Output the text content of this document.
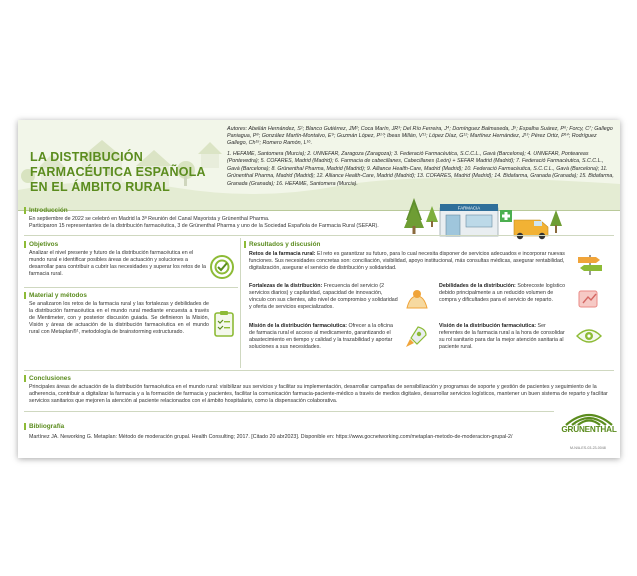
LA DISTRIBUCIÓN FARMACÉUTICA ESPAÑOLA EN EL ÁMBITO RURAL
Autores: Abelián Hernández, S¹; Blanco Gutiérrez, JM²; Coca Marín, JR³; Del Río Ferreira, J⁴; Domínguez Balmaseda, J⁵; Espalha Suárez, P⁶; Forcy, C⁷; Gallego Paniagua, P⁸; González Martín-Montalvo, E⁹; Guzmán López, P¹⁰; Ibeas Millán, V¹¹; López Díaz, G¹²; Martínez Hernández, J¹³; Pérez Ortiz, P¹⁴; Rodríguez Gallego, Ch¹⁵; Romero Ramón, L¹⁶.
1. HEFAME, Santomera (Murcia); 2. UNNEFAR, Zaragoza (Zaragoza); 3. Federació Farmacèutica, S.C.C.L., Gavà (Barcelona); 4. UNNEFAR, Ponteareas (Pontevedra); 5. COFARES, Madrid (Madrid); 6. Farmacia de cabecillanes, Cabecillanes (León) + SEFAR Madrid (Madrid); 7. Federació Farmacèutica, S.C.C.L., Gavà (Barcelona); 8. Grünenthal Pharma, Madrid (Madrid); 9. Alliance Health-Care, Madrid (Madrid); 10. Federació Farmacèutica, S.C.C.L., Gavà (Barcelona); 11. Grünenthal Pharma, Madrid (Madrid); 12. Alliance Health-Care, Madrid (Madrid); 13. COFARES, Madrid (Madrid); 14. Bidafarma, Granada (Granada); 15. Bidafarma, Granada (Granada); 16. HEFAME, Santomera (Murcia).
FARMACIA
Introducción
En septiembre de 2022 se celebró en Madrid la 3ª Reunión del Canal Mayorista y Grünenthal Pharma.
Participaron 15 representantes de la distribución farmacéutica, 3 de Grünenthal Pharma y uno de la Sociedad Española de Farmacia Rural (SEFAR).
Objetivos
Analizar el nivel presente y futuro de la distribución farmacéutica en el mundo rural e identificar posibles áreas de actuación y soluciones a desarrollar para contribuir a cubrir las necesidades y superar los retos de la farmacia rural.
Material y métodos
Se analizaron los retos de la farmacia rural y las fortalezas y debilidades de la distribución farmacéutica en el mundo rural mediante encuesta a través de Mentimeter, con y posterior discusión guiada. Se definieron la Misión, Visión y áreas de actuación de la distribución farmacéutica en el mundo rural con Metaplan®¹, metodología de brainstorming estructurado.
Resultados y discusión
Retos de la farmacia rural: El reto es garantizar su futuro, para lo cual necesita disponer de servicios adecuados e incorporar nuevas funciones. Sus necesidades concretas son: conciliación, visibilidad, apoyo institucional, más consultas médicas, asegurar rentabilidad, digitalización, asegurar el servicio de distribución y solidaridad.
Fortalezas de la distribución: Frecuencia del servicio (2 servicios diarios) y capilaridad, capacidad de innovación, vínculo con sus clientes, alto nivel de compromiso y solidaridad y oferta de servicios especializados.
Debilidades de la distribución: Sobrecoste logístico debido principalmente a un reducido volumen de compra y dificultades para el servicio de reparto.
Misión de la distribución farmacéutica: Ofrecer a la oficina de farmacia rural el acceso al medicamento, garantizando el abastecimiento en tiempo y calidad y la trazabilidad y aportar soluciones a sus necesidades.
Visión de la distribución farmacéutica: Ser referentes de la farmacia rural a la hora de consolidar su rol sanitario para dar la mejor atención sanitaria al paciente rural.
Conclusiones
Principales áreas de actuación de la distribución farmacéutica en el mundo rural: visibilizar sus servicios y facilitar su implementación, desarrollar campañas de sensibilización y programas de soporte y gestión de pacientes y seguimiento de la adherencia, contribuir a digitalizar la farmacia y a la formación de farmacia y pacientes, facilitar la comunicación farmacia-paciente-médico a través de medios digitales, desarrollar servicios logísticos, mantener un buen sistema de reparto y facilitar servicios sanitarios que mejoren la atención al paciente relacionados con el ámbito hospitalario, como la dispensación colaborativa.
Bibliografía
Martínez JA. Neworking G. Metaplan: Método de moderación grupal. Health Consulting; 2017. [Citado 20 abr2023]. Disponible en: https://www.gocnetworking.com/metaplan-metodo-de-moderacion-grupal-2/
GRÜNENTHAL
M-N/A-ES-03-23-0048
